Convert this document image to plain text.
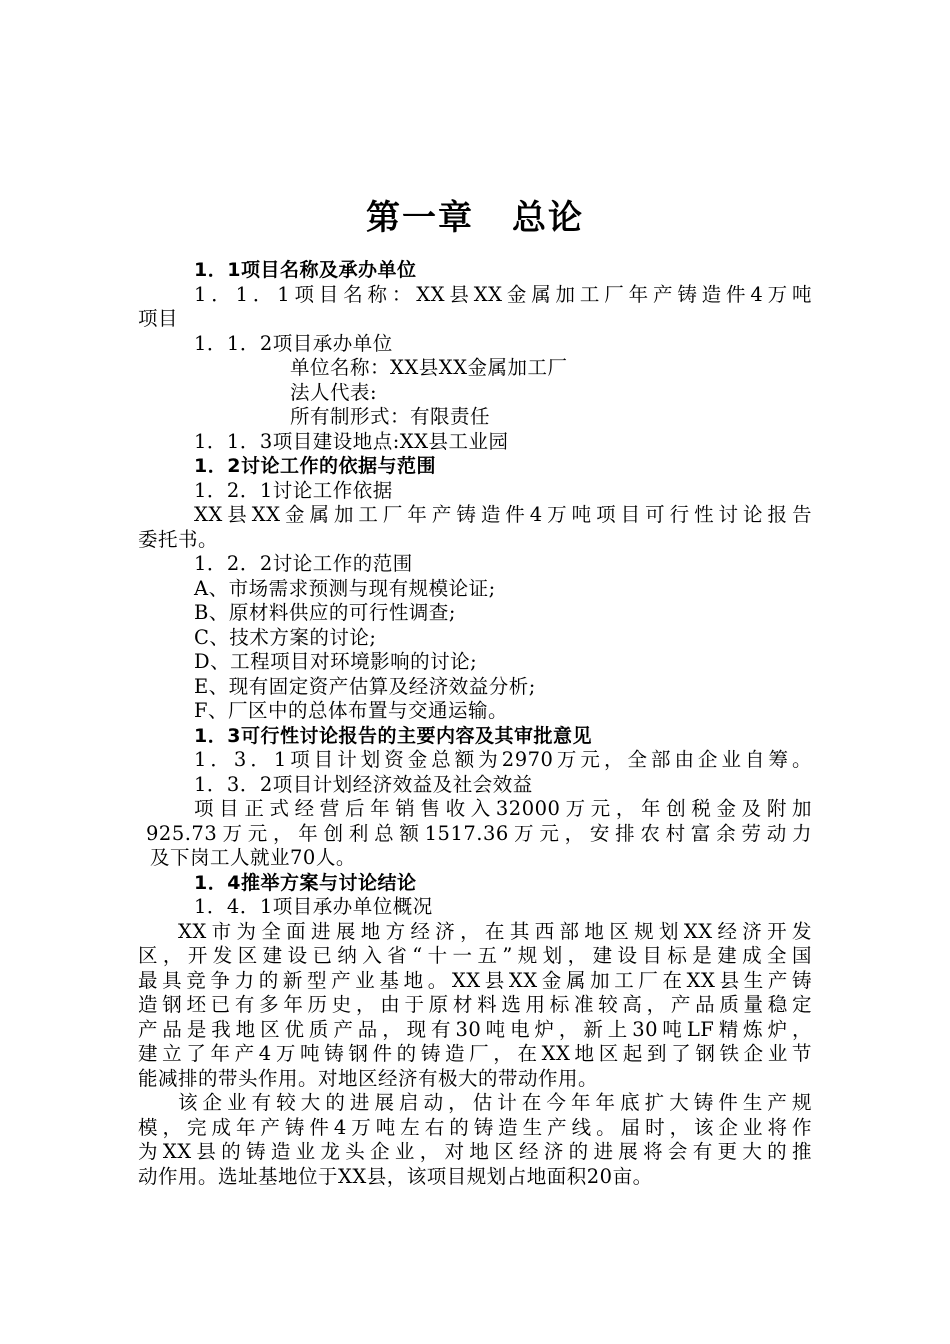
第一章 总论
1．1项目名称及承办单位
1．1．1项目名称：XX县XX金属加工厂年产铸造件4万吨
项目
1．1．2项目承办单位
单位名称：XX县XX金属加工厂
法人代表:
所有制形式：有限责任
1．1．3项目建设地点:XX县工业园
1．2讨论工作的依据与范围
1．2．1讨论工作依据
XX县XX金属加工厂年产铸造件4万吨项目可行性讨论报告
委托书。
1．2．2讨论工作的范围
A、市场需求预测与现有规模论证;
B、原材料供应的可行性调查;
C、技术方案的讨论;
D、工程项目对环境影响的讨论;
E、现有固定资产估算及经济效益分析;
F、厂区中的总体布置与交通运输。
1．3可行性讨论报告的主要内容及其审批意见
1．3．1项目计划资金总额为2970万元，全部由企业自筹。
1．3．2项目计划经济效益及社会效益
项目正式经营后年销售收入32000万元，年创税金及附加
925.73万元，年创利总额1517.36万元，安排农村富余劳动力
及下岗工人就业70人。
1．4推举方案与讨论结论
1．4．1项目承办单位概况
XX市为全面进展地方经济，在其西部地区规划XX经济开发
区，开发区建设已纳入省“十一五”规划，建设目标是建成全国
最具竞争力的新型产业基地。XX县XX金属加工厂在XX县生产铸
造钢坯已有多年历史，由于原材料选用标准较高，产品质量稳定
产品是我地区优质产品，现有30吨电炉，新上30吨LF精炼炉，
建立了年产4万吨铸钢件的铸造厂，在XX地区起到了钢铁企业节
能减排的带头作用。对地区经济有极大的带动作用。
该企业有较大的进展启动，估计在今年年底扩大铸件生产规
模，完成年产铸件4万吨左右的铸造生产线。届时，该企业将作
为XX县的铸造业龙头企业，对地区经济的进展将会有更大的推
动作用。选址基地位于XX县，该项目规划占地面积20亩。
